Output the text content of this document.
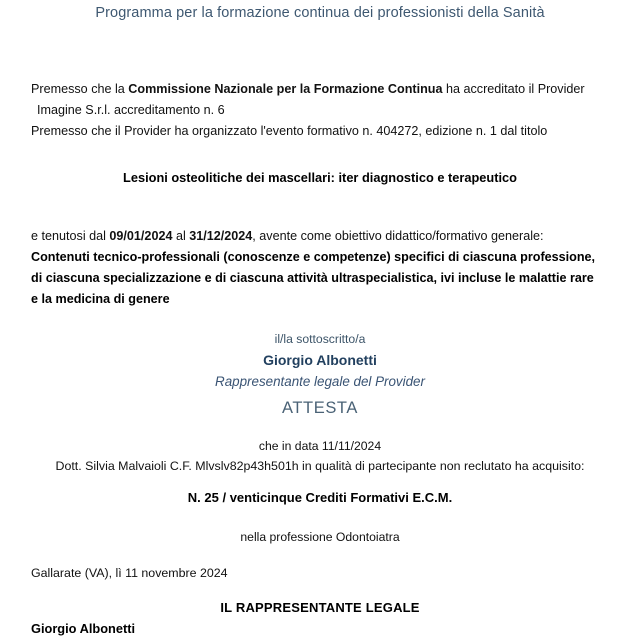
Programma per la formazione continua dei professionisti della Sanità
Premesso che la Commissione Nazionale per la Formazione Continua ha accreditato il Provider
Imagine S.r.l. accreditamento n. 6
Premesso che il Provider ha organizzato l'evento formativo n. 404272, edizione n. 1 dal titolo
Lesioni osteolitiche dei mascellari: iter diagnostico e terapeutico
e tenutosi dal 09/01/2024 al 31/12/2024, avente come obiettivo didattico/formativo generale:
Contenuti tecnico-professionali (conoscenze e competenze) specifici di ciascuna professione, di ciascuna specializzazione e di ciascuna attività ultraspecialistica, ivi incluse le malattie rare e la medicina di genere
il/la sottoscritto/a
Giorgio Albonetti
Rappresentante legale del Provider
ATTESTA
che in data 11/11/2024
Dott. Silvia Malvaioli C.F. Mlvslv82p43h501h in qualità di partecipante non reclutato ha acquisito:
N. 25 / venticinque Crediti Formativi E.C.M.
nella professione Odontoiatra
Gallarate (VA), lì 11 novembre 2024
IL RAPPRESENTANTE LEGALE
Giorgio Albonetti
